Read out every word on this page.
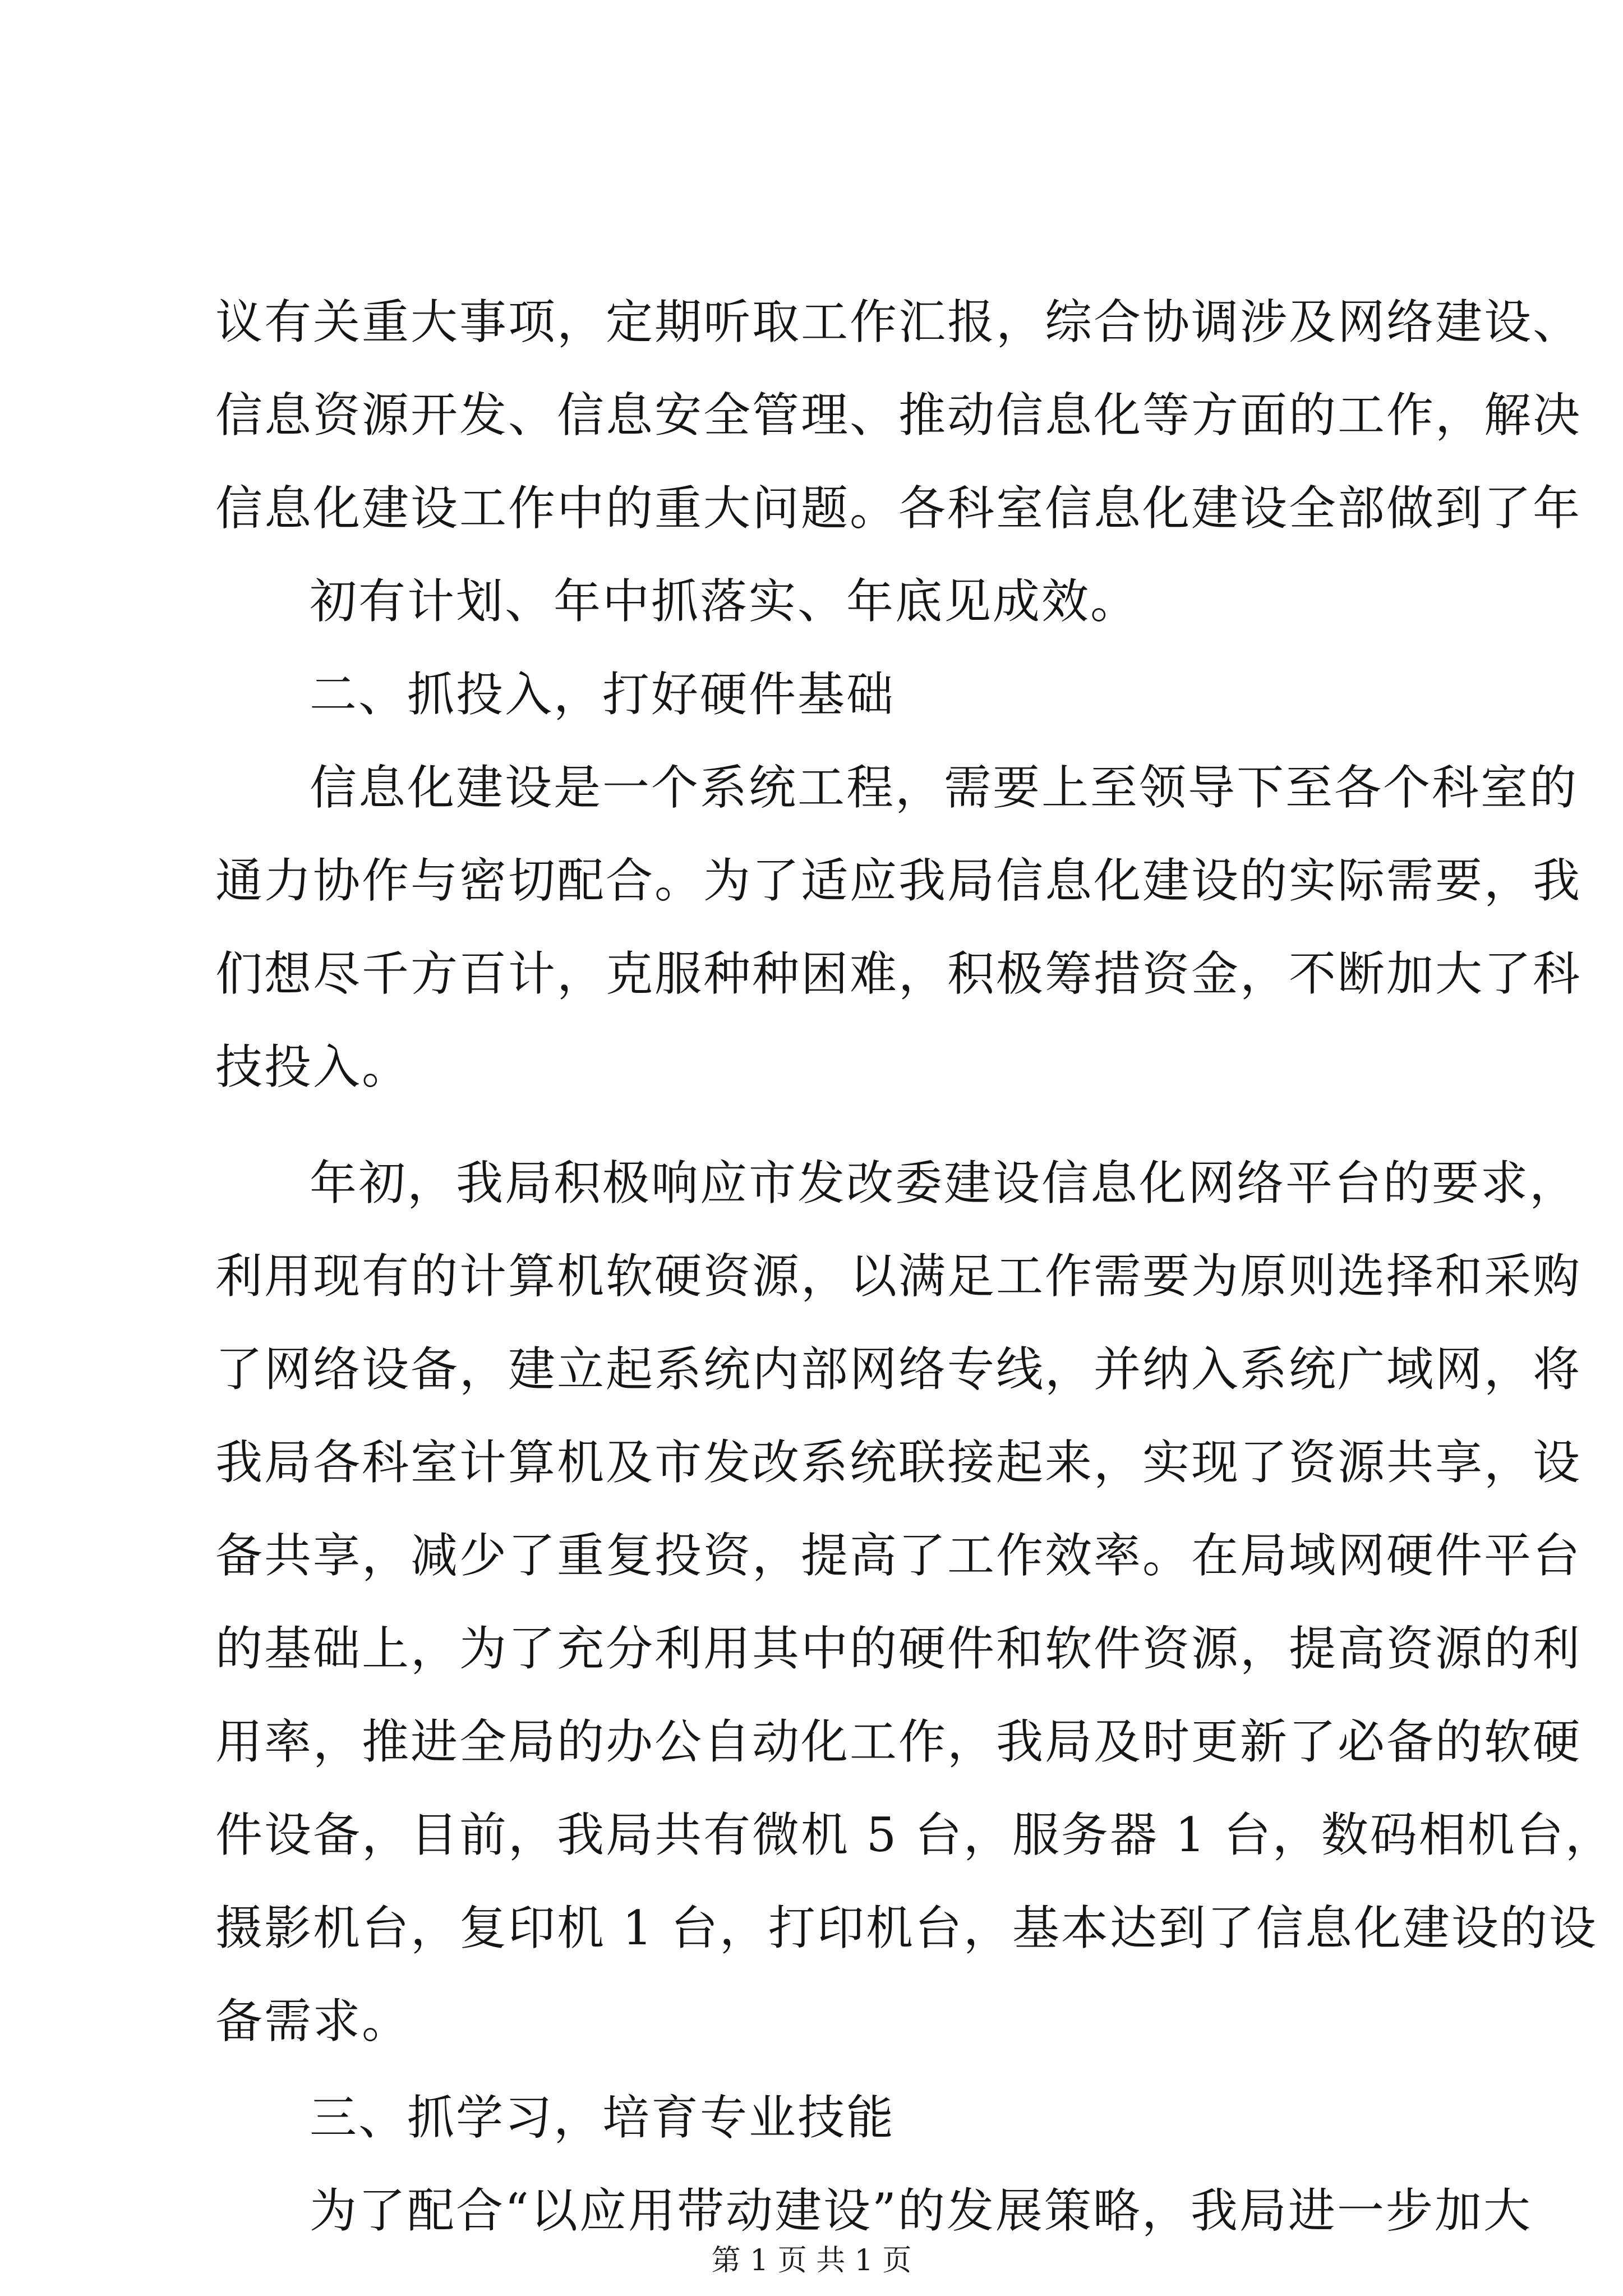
议有关重大事项，定期听取工作汇报，综合协调涉及网络建设、
信息资源开发、信息安全管理、推动信息化等方面的工作，解决
信息化建设工作中的重大问题。各科室信息化建设全部做到了年
初有计划、年中抓落实、年底见成效。
二、抓投入，打好硬件基础
信息化建设是一个系统工程，需要上至领导下至各个科室的
通力协作与密切配合。为了适应我局信息化建设的实际需要，我
们想尽千方百计，克服种种困难，积极筹措资金，不断加大了科
技投入。
年初，我局积极响应市发改委建设信息化网络平台的要求，
利用现有的计算机软硬资源，以满足工作需要为原则选择和采购
了网络设备，建立起系统内部网络专线，并纳入系统广域网，将
我局各科室计算机及市发改系统联接起来，实现了资源共享，设
备共享，减少了重复投资，提高了工作效率。在局域网硬件平台
的基础上，为了充分利用其中的硬件和软件资源，提高资源的利
用率，推进全局的办公自动化工作，我局及时更新了必备的软硬
件设备，目前，我局共有微机 5 台，服务器 1 台，数码相机台，
摄影机台，复印机 1 台，打印机台，基本达到了信息化建设的设
备需求。
三、抓学习，培育专业技能
为了配合“以应用带动建设”的发展策略，我局进一步加大
第 1 页 共 1 页
